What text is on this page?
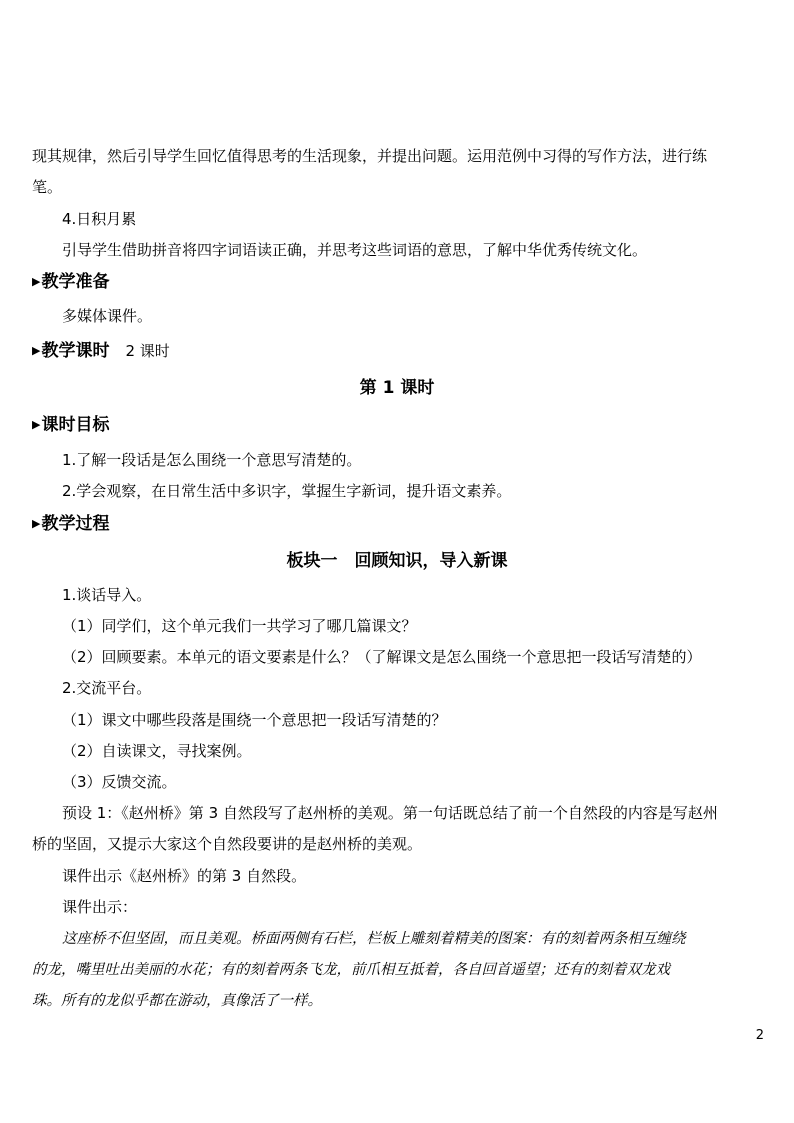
现其规律，然后引导学生回忆值得思考的生活现象，并提出问题。运用范例中习得的写作方法，进行练
笔。
4.日积月累
引导学生借助拼音将四字词语读正确，并思考这些词语的意思，了解中华优秀传统文化。
▶教学准备
多媒体课件。
▶教学课时 2 课时
第 1 课时
▶课时目标
1.了解一段话是怎么围绕一个意思写清楚的。
2.学会观察，在日常生活中多识字，掌握生字新词，提升语文素养。
▶教学过程
板块一　回顾知识，导入新课
1.谈话导入。
（1）同学们，这个单元我们一共学习了哪几篇课文？
（2）回顾要素。本单元的语文要素是什么？（了解课文是怎么围绕一个意思把一段话写清楚的）
2.交流平台。
（1）课文中哪些段落是围绕一个意思把一段话写清楚的？
（2）自读课文，寻找案例。
（3）反馈交流。
预设 1：《赵州桥》第 3 自然段写了赵州桥的美观。第一句话既总结了前一个自然段的内容是写赵州
桥的坚固，又提示大家这个自然段要讲的是赵州桥的美观。
课件出示《赵州桥》的第 3 自然段。
课件出示：
这座桥不但坚固，而且美观。桥面两侧有石栏，栏板上雕刻着精美的图案：有的刻着两条相互缠绕
的龙，嘴里吐出美丽的水花；有的刻着两条飞龙，前爪相互抵着，各自回首遥望；还有的刻着双龙戏
珠。所有的龙似乎都在游动，真像活了一样。
2
